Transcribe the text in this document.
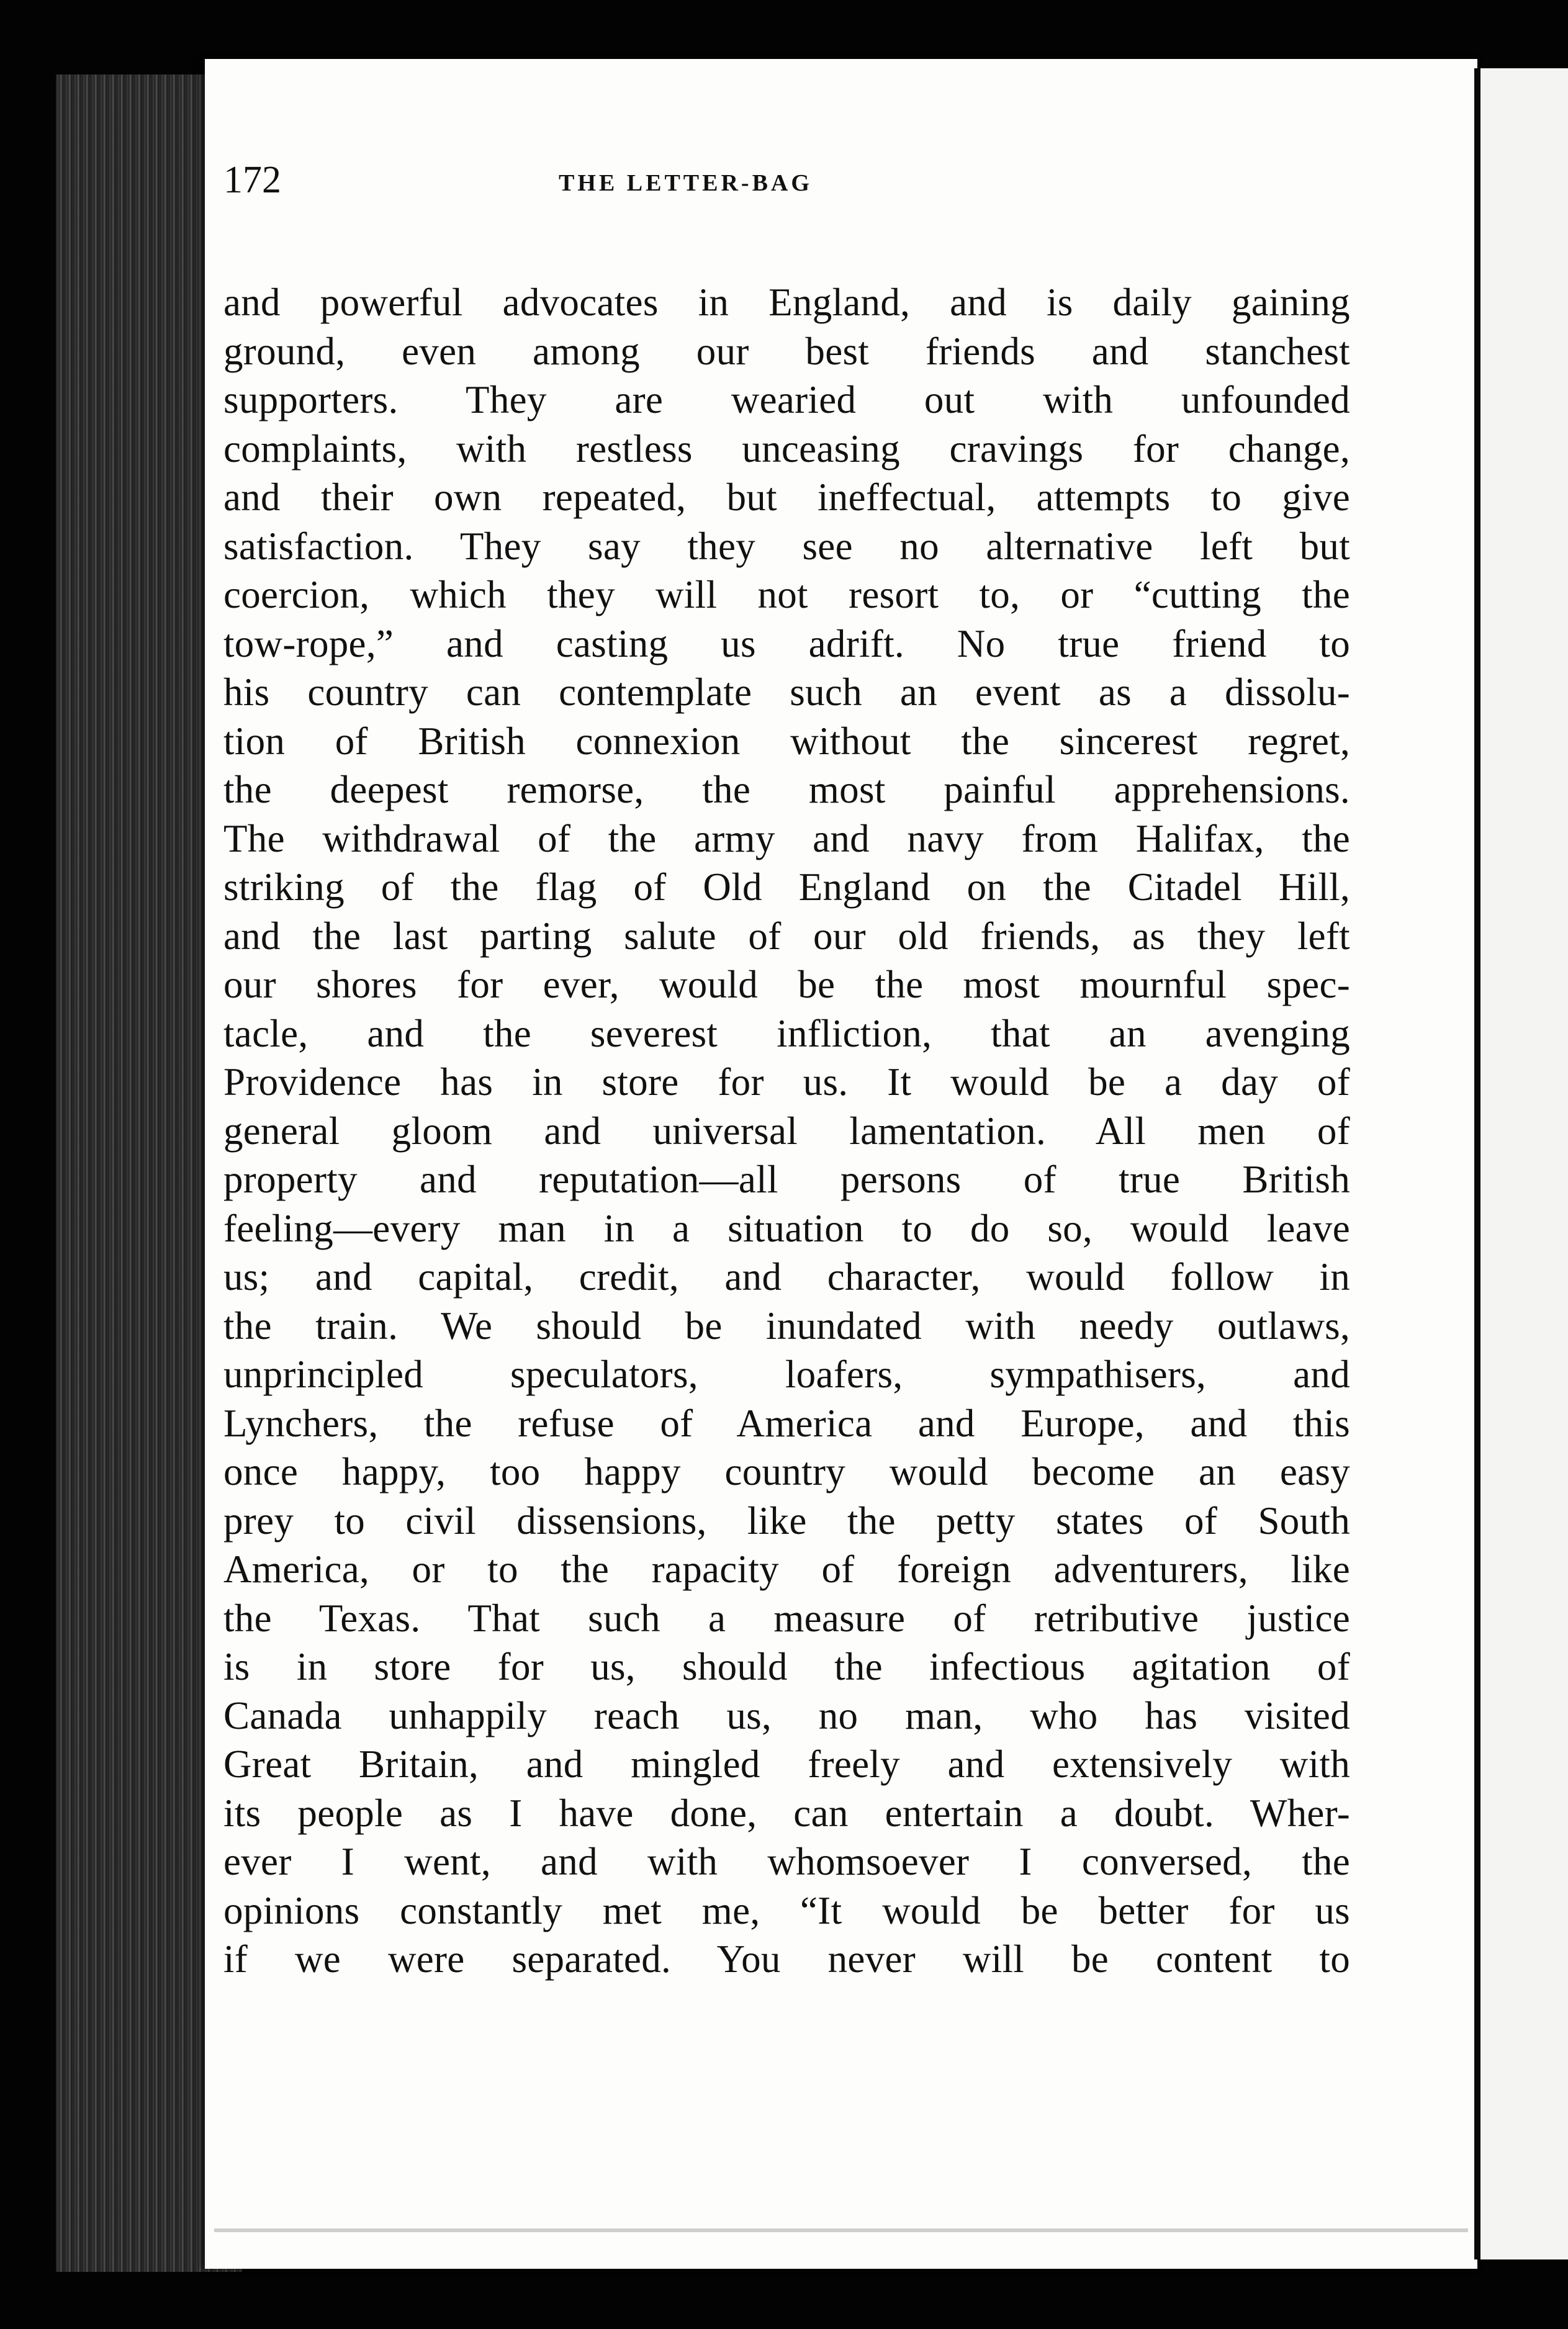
172	THE LETTER-BAG
and powerful advocates in England, and is daily gaining
ground, even among our best friends and stanchest
supporters. They are wearied out with unfounded
complaints, with restless unceasing cravings for change,
and their own repeated, but ineffectual, attempts to give
satisfaction. They say they see no alternative left but
coercion, which they will not resort to, or “cutting the
tow-rope,” and casting us adrift. No true friend to
his country can contemplate such an event as a dissolu-
tion of British connexion without the sincerest regret,
the deepest remorse, the most painful apprehensions.
The withdrawal of the army and navy from Halifax, the
striking of the flag of Old England on the Citadel Hill,
and the last parting salute of our old friends, as they left
our shores for ever, would be the most mournful spec-
tacle, and the severest infliction, that an avenging
Providence has in store for us. It would be a day of
general gloom and universal lamentation. All men of
property and reputation—all persons of true British
feeling—every man in a situation to do so, would leave
us; and capital, credit, and character, would follow in
the train. We should be inundated with needy outlaws,
unprincipled speculators, loafers, sympathisers, and
Lynchers, the refuse of America and Europe, and this
once happy, too happy country would become an easy
prey to civil dissensions, like the petty states of South
America, or to the rapacity of foreign adventurers, like
the Texas. That such a measure of retributive justice
is in store for us, should the infectious agitation of
Canada unhappily reach us, no man, who has visited
Great Britain, and mingled freely and extensively with
its people as I have done, can entertain a doubt. Wher-
ever I went, and with whomsoever I conversed, the
opinions constantly met me, “It would be better for us
if we were separated. You never will be content to
